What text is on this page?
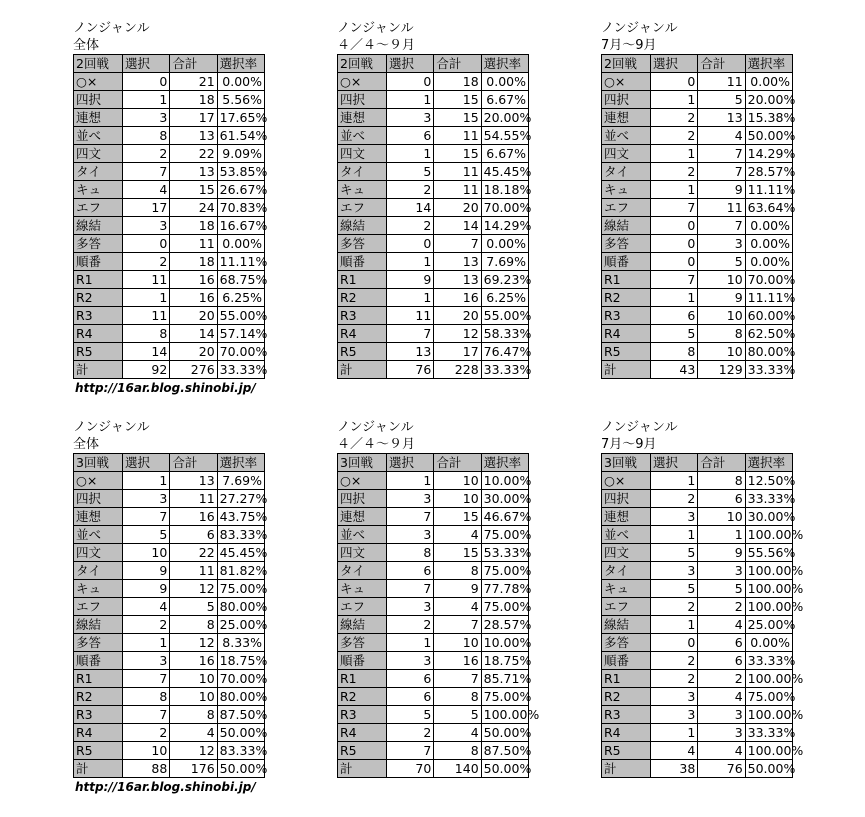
ノンジャンル
全体
2回戦	選択	合計	選択率
○×	0	21	0.00%
四択	1	18	5.56%
連想	3	17	17.65%
並べ	8	13	61.54%
四文	2	22	9.09%
タイ	7	13	53.85%
キュ	4	15	26.67%
エフ	17	24	70.83%
線結	3	18	16.67%
多答	0	11	0.00%
順番	2	18	11.11%
R1	11	16	68.75%
R2	1	16	6.25%
R3	11	20	55.00%
R4	8	14	57.14%
R5	14	20	70.00%
計	92	276	33.33%
ノンジャンル
４／４～９月
2回戦	選択	合計	選択率
○×	0	18	0.00%
四択	1	15	6.67%
連想	3	15	20.00%
並べ	6	11	54.55%
四文	1	15	6.67%
タイ	5	11	45.45%
キュ	2	11	18.18%
エフ	14	20	70.00%
線結	2	14	14.29%
多答	0	7	0.00%
順番	1	13	7.69%
R1	9	13	69.23%
R2	1	16	6.25%
R3	11	20	55.00%
R4	7	12	58.33%
R5	13	17	76.47%
計	76	228	33.33%
ノンジャンル
7月～9月
2回戦	選択	合計	選択率
○×	0	11	0.00%
四択	1	5	20.00%
連想	2	13	15.38%
並べ	2	4	50.00%
四文	1	7	14.29%
タイ	2	7	28.57%
キュ	1	9	11.11%
エフ	7	11	63.64%
線結	0	7	0.00%
多答	0	3	0.00%
順番	0	5	0.00%
R1	7	10	70.00%
R2	1	9	11.11%
R3	6	10	60.00%
R4	5	8	62.50%
R5	8	10	80.00%
計	43	129	33.33%
http://16ar.blog.shinobi.jp/
ノンジャンル
全体
3回戦	選択	合計	選択率
○×	1	13	7.69%
四択	3	11	27.27%
連想	7	16	43.75%
並べ	5	6	83.33%
四文	10	22	45.45%
タイ	9	11	81.82%
キュ	9	12	75.00%
エフ	4	5	80.00%
線結	2	8	25.00%
多答	1	12	8.33%
順番	3	16	18.75%
R1	7	10	70.00%
R2	8	10	80.00%
R3	7	8	87.50%
R4	2	4	50.00%
R5	10	12	83.33%
計	88	176	50.00%
ノンジャンル
４／４～９月
3回戦	選択	合計	選択率
○×	1	10	10.00%
四択	3	10	30.00%
連想	7	15	46.67%
並べ	3	4	75.00%
四文	8	15	53.33%
タイ	6	8	75.00%
キュ	7	9	77.78%
エフ	3	4	75.00%
線結	2	7	28.57%
多答	1	10	10.00%
順番	3	16	18.75%
R1	6	7	85.71%
R2	6	8	75.00%
R3	5	5	100.00%
R4	2	4	50.00%
R5	7	8	87.50%
計	70	140	50.00%
ノンジャンル
7月～9月
3回戦	選択	合計	選択率
○×	1	8	12.50%
四択	2	6	33.33%
連想	3	10	30.00%
並べ	1	1	100.00%
四文	5	9	55.56%
タイ	3	3	100.00%
キュ	5	5	100.00%
エフ	2	2	100.00%
線結	1	4	25.00%
多答	0	6	0.00%
順番	2	6	33.33%
R1	2	2	100.00%
R2	3	4	75.00%
R3	3	3	100.00%
R4	1	3	33.33%
R5	4	4	100.00%
計	38	76	50.00%
http://16ar.blog.shinobi.jp/
